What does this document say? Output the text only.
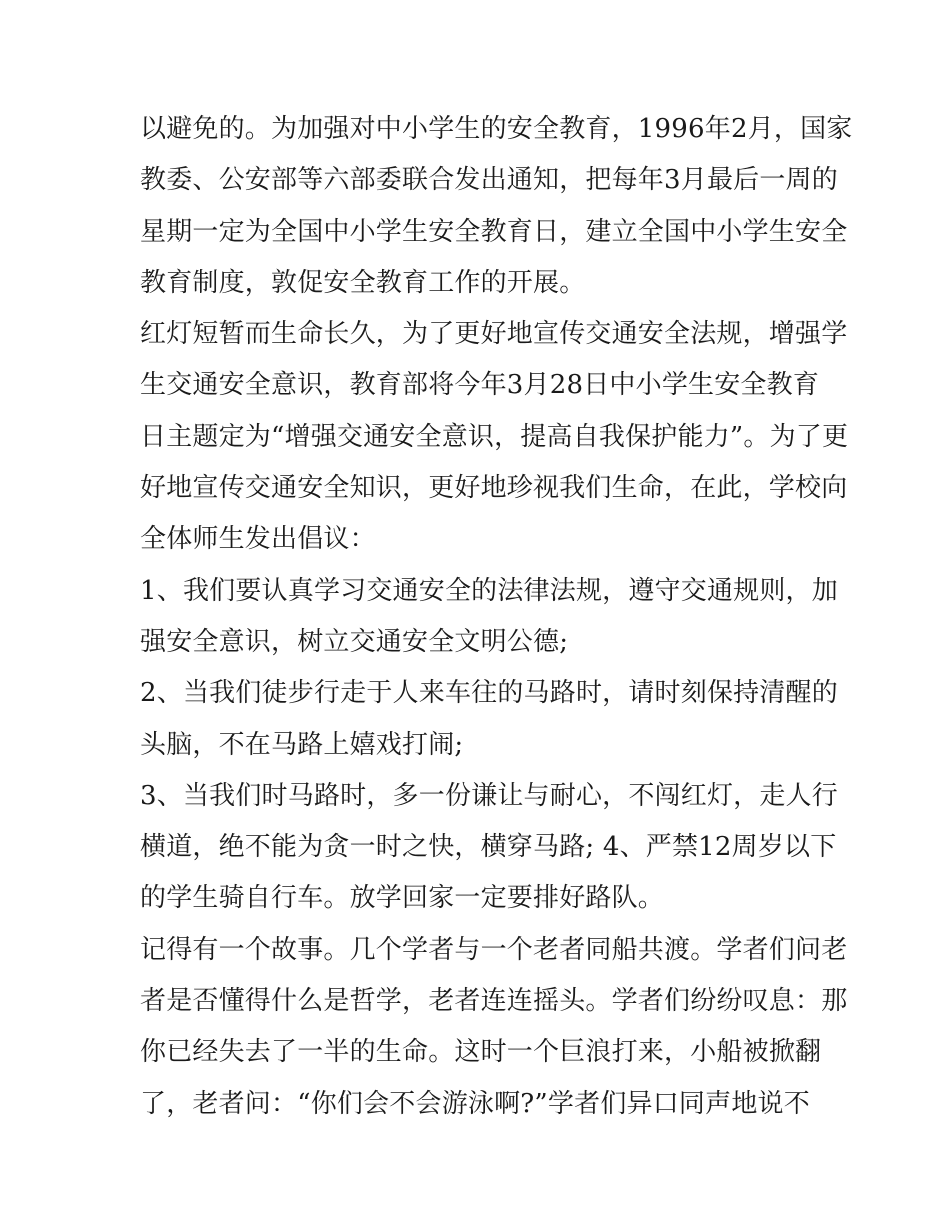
以避免的。为加强对中小学生的安全教育，1996年2月，国家
教委、公安部等六部委联合发出通知，把每年3月最后一周的
星期一定为全国中小学生安全教育日，建立全国中小学生安全
教育制度，敦促安全教育工作的开展。
红灯短暂而生命长久，为了更好地宣传交通安全法规，增强学
生交通安全意识，教育部将今年3月28日中小学生安全教育
日主题定为“增强交通安全意识，提高自我保护能力”。为了更
好地宣传交通安全知识，更好地珍视我们生命，在此，学校向
全体师生发出倡议：
1、我们要认真学习交通安全的法律法规，遵守交通规则，加
强安全意识，树立交通安全文明公德;
2、当我们徒步行走于人来车往的马路时，请时刻保持清醒的
头脑，不在马路上嬉戏打闹;
3、当我们时马路时，多一份谦让与耐心，不闯红灯，走人行
横道，绝不能为贪一时之快，横穿马路; 4、严禁12周岁以下
的学生骑自行车。放学回家一定要排好路队。
记得有一个故事。几个学者与一个老者同船共渡。学者们问老
者是否懂得什么是哲学，老者连连摇头。学者们纷纷叹息：那
你已经失去了一半的生命。这时一个巨浪打来，小船被掀翻
了，老者问：“你们会不会游泳啊?”学者们异口同声地说不
